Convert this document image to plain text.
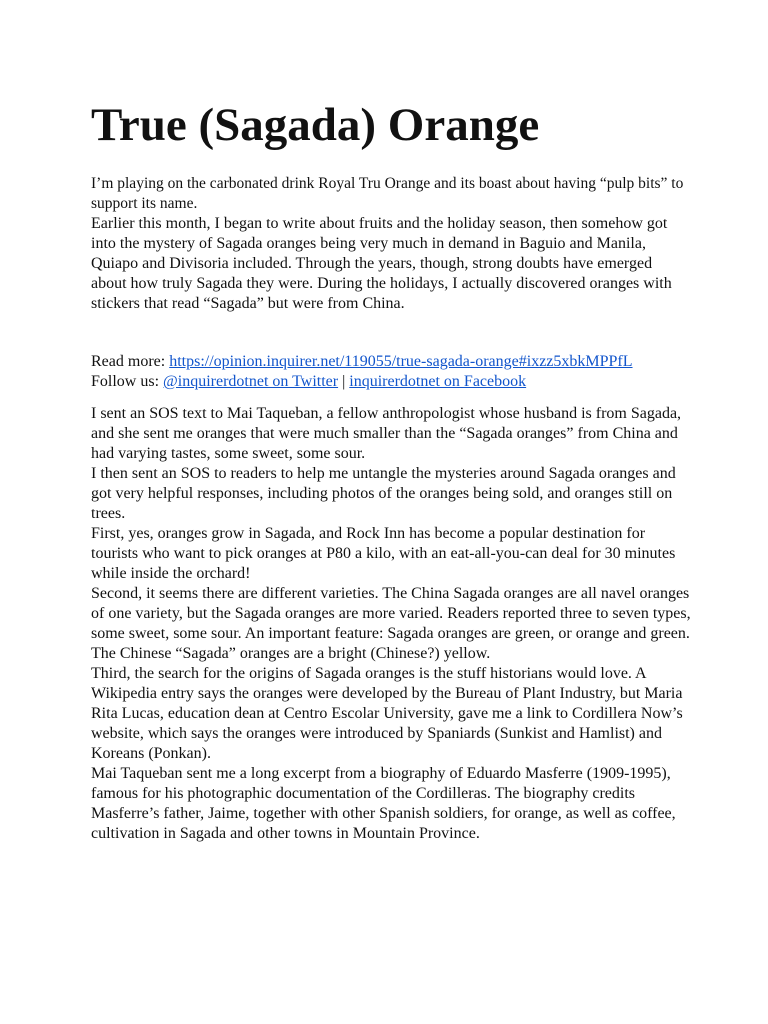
True (Sagada) Orange

I’m playing on the carbonated drink Royal Tru Orange and its boast about having “pulp bits” to support its name.

Earlier this month, I began to write about fruits and the holiday season, then somehow got into the mystery of Sagada oranges being very much in demand in Baguio and Manila, Quiapo and Divisoria included. Through the years, though, strong doubts have emerged about how truly Sagada they were. During the holidays, I actually discovered oranges with stickers that read “Sagada” but were from China.

Read more: https://opinion.inquirer.net/119055/true-sagada-orange#ixzz5xbkMPPfL

Follow us: @inquirerdotnet on Twitter | inquirerdotnet on Facebook

I sent an SOS text to Mai Taqueban, a fellow anthropologist whose husband is from Sagada, and she sent me oranges that were much smaller than the “Sagada oranges” from China and had varying tastes, some sweet, some sour.

I then sent an SOS to readers to help me untangle the mysteries around Sagada oranges and got very helpful responses, including photos of the oranges being sold, and oranges still on trees.

First, yes, oranges grow in Sagada, and Rock Inn has become a popular destination for tourists who want to pick oranges at P80 a kilo, with an eat-all-you-can deal for 30 minutes while inside the orchard!

Second, it seems there are different varieties. The China Sagada oranges are all navel oranges of one variety, but the Sagada oranges are more varied. Readers reported three to seven types, some sweet, some sour. An important feature: Sagada oranges are green, or orange and green. The Chinese “Sagada” oranges are a bright (Chinese?) yellow.

Third, the search for the origins of Sagada oranges is the stuff historians would love. A Wikipedia entry says the oranges were developed by the Bureau of Plant Industry, but Maria Rita Lucas, education dean at Centro Escolar University, gave me a link to Cordillera Now’s website, which says the oranges were introduced by Spaniards (Sunkist and Hamlist) and Koreans (Ponkan).

Mai Taqueban sent me a long excerpt from a biography of Eduardo Masferre (1909-1995), famous for his photographic documentation of the Cordilleras. The biography credits Masferre’s father, Jaime, together with other Spanish soldiers, for orange, as well as coffee, cultivation in Sagada and other towns in Mountain Province.
